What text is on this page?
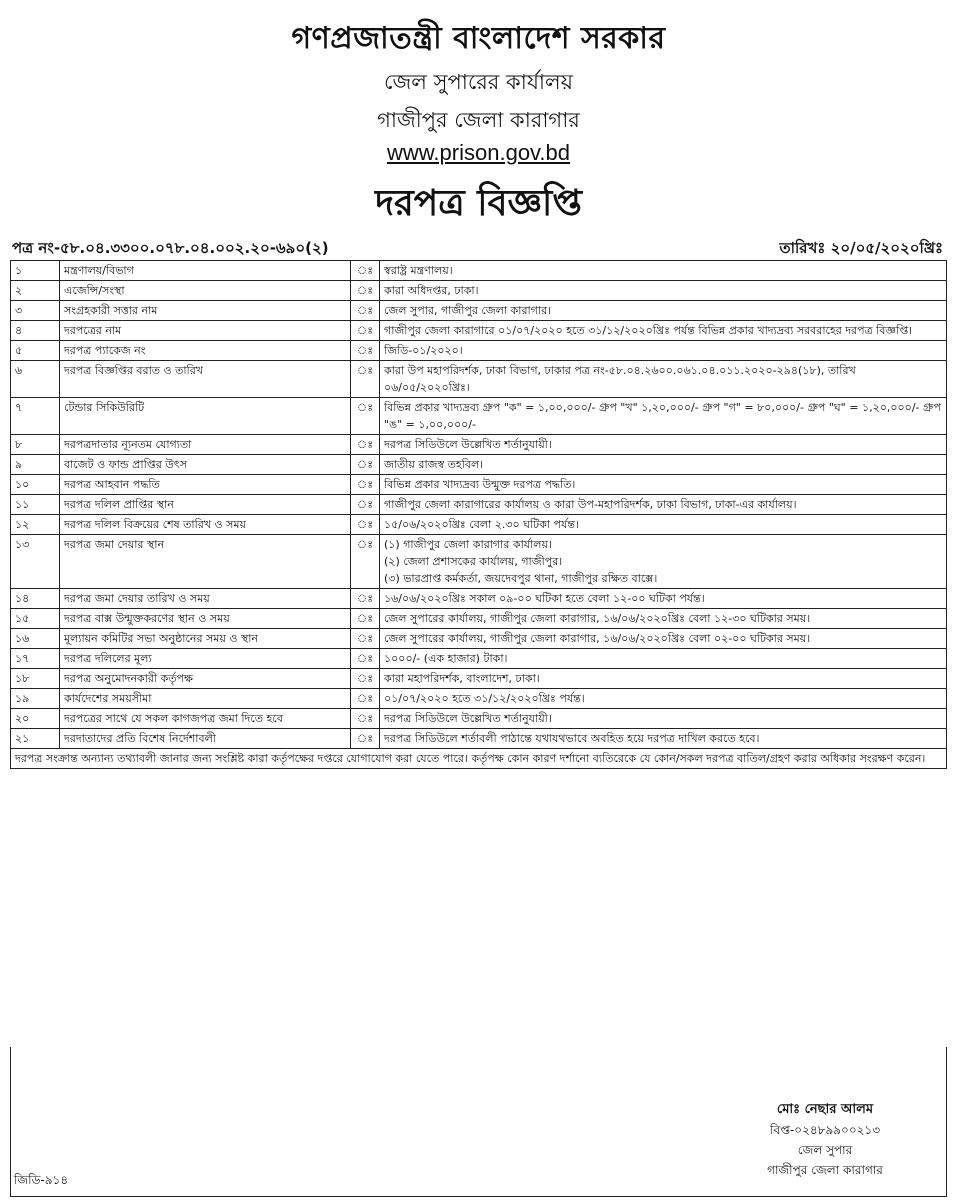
গণপ্রজাতন্ত্রী বাংলাদেশ সরকার
জেল সুপারের কার্যালয়
গাজীপুর জেলা কারাগার
www.prison.gov.bd
দরপত্র বিজ্ঞপ্তি
পত্র নং-৫৮.০৪.৩৩০০.০৭৮.০৪.০০২.২০-৬৯০(২)	তারিখঃ ২০/০৫/২০২০খ্রিঃ
১	মন্ত্রণালয়/বিভাগ	ঃ	স্বরাষ্ট্র মন্ত্রণালয়।

২	এজেন্সি/সংস্থা	ঃ	কারা অধিদপ্তর, ঢাকা।

৩	সংগ্রহকারী সত্তার নাম	ঃ	জেল সুপার, গাজীপুর জেলা কারাগার।

৪	দরপত্রের নাম	ঃ	গাজীপুর জেলা কারাগারে ০১/০৭/২০২০ হতে ৩১/১২/২০২০খ্রিঃ পর্যন্ত বিভিন্ন প্রকার খাদ্যদ্রব্য সরবরাহের দরপত্র বিজ্ঞপ্তি।

৫	দরপত্র প্যাকেজ নং	ঃ	জিডি-০১/২০২০।

৬	দরপত্র বিজ্ঞপ্তির বরাত ও তারিখ	ঃ	কারা উপ মহাপরিদর্শক, ঢাকা বিভাগ, ঢাকার পত্র নং-৫৮.০৪.২৬০০.০৬১.০৪.০১১.২০২০-২৯৪(১৮), তারিখ ০৬/০৫/২০২০খ্রিঃ।

৭	টেন্ডার সিকিউরিটি	ঃ	বিভিন্ন প্রকার খাদ্যদ্রব্য গ্রুপ "ক" = ১,০০,০০০/- গ্রুপ "খ" ১,২০,০০০/- গ্রুপ "গ" = ৮০,০০০/- গ্রুপ "ঘ" = ১,২০,০০০/- গ্রুপ "ঙ" = ১,০০,০০০/-

৮	দরপত্রদাতার ন্যূনতম যোগ্যতা	ঃ	দরপত্র সিডিউলে উল্লেখিত শর্তানুযায়ী।

৯	বাজেট ও ফান্ড প্রাপ্তির উৎস	ঃ	জাতীয় রাজস্ব তহবিল।

১০	দরপত্র আহবান পদ্ধতি	ঃ	বিভিন্ন প্রকার খাদ্যদ্রব্য উন্মুক্ত দরপত্র পদ্ধতি।

১১	দরপত্র দলিল প্রাপ্তির স্থান	ঃ	গাজীপুর জেলা কারাগারের কার্যালয় ও কারা উপ-মহাপরিদর্শক, ঢাকা বিভাগ, ঢাকা-এর কার্যালয়।

১২	দরপত্র দলিল বিক্রয়ের শেষ তারিখ ও সময়	ঃ	১৫/০৬/২০২০খ্রিঃ বেলা ২.৩০ ঘটিকা পর্যন্ত।

১৩	দরপত্র জমা দেয়ার স্থান	ঃ	(১) গাজীপুর জেলা কারাগার কার্যালয়।
(২) জেলা প্রশাসকের কার্যালয়, গাজীপুর।
(৩) ভারপ্রাপ্ত কর্মকর্তা, জয়দেবপুর থানা, গাজীপুর রক্ষিত বাক্সে।

১৪	দরপত্র জমা দেয়ার তারিখ ও সময়	ঃ	১৬/০৬/২০২০খ্রিঃ সকাল ০৯-০০ ঘটিকা হতে বেলা ১২-০০ ঘটিকা পর্যন্ত।

১৫	দরপত্র বাক্স উন্মুক্তকরণের স্থান ও সময়	ঃ	জেল সুপারের কার্যালয়, গাজীপুর জেলা কারাগার, ১৬/০৬/২০২০খ্রিঃ বেলা ১২-৩০ ঘটিকার সময়।

১৬	মূল্যায়ন কমিটির সভা অনুষ্ঠানের সময় ও স্থান	ঃ	জেল সুপারের কার্যালয়, গাজীপুর জেলা কারাগার, ১৬/০৬/২০২০খ্রিঃ বেলা ০২-০০ ঘটিকার সময়।

১৭	দরপত্র দলিলের মূল্য	ঃ	১০০০/- (এক হাজার) টাকা।

১৮	দরপত্র অনুমোদনকারী কর্তৃপক্ষ	ঃ	কারা মহাপরিদর্শক, বাংলাদেশ, ঢাকা।

১৯	কার্যদেশের সময়সীমা	ঃ	০১/০৭/২০২০ হতে ৩১/১২/২০২০খ্রিঃ পর্যন্ত।

২০	দরপত্রের সাথে যে সকল কাগজপত্র জমা দিতে হবে	ঃ	দরপত্র সিডিউলে উল্লেখিত শর্তানুযায়ী।

২১	দরদাতাদের প্রতি বিশেষ নির্দেশাবলী	ঃ	দরপত্র সিডিউলে শর্তাবলী পাঠান্তে যথাযথভাবে অবহিত হয়ে দরপত্র দাখিল করতে হবে।

দরপত্র সংক্রান্ত অন্যান্য তথ্যাবলী জানার জন্য সংশ্লিষ্ট কারা কর্তৃপক্ষের দপ্তরে যোগাযোগ করা যেতে পারে। কর্তৃপক্ষ কোন কারণ দর্শানো ব্যতিরেকে যে কোন/সকল দরপত্র বাতিল/গ্রহণ করার অধিকার সংরক্ষণ করেন।			
মোঃ নেছার আলম
বিপ্ত-০২৪৮৯৯০০২১৩
জেল সুপার
গাজীপুর জেলা কারাগার
জিডি-৯১৪
